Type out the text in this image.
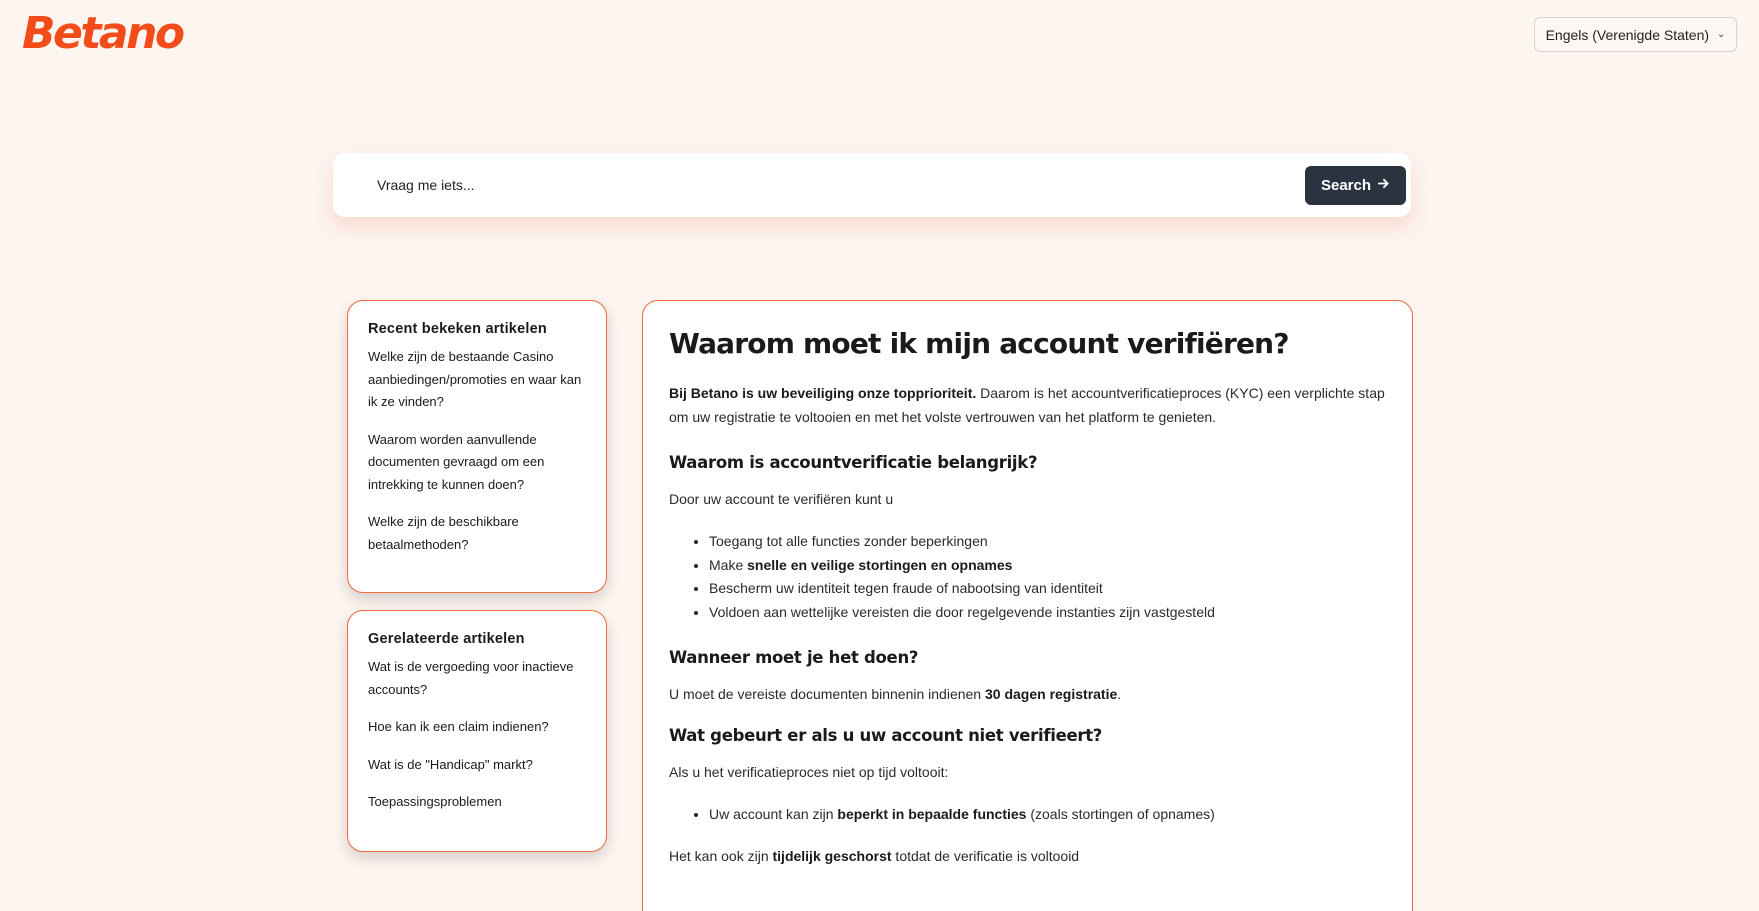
Betano	Engels (Verenigde Staten) ⌄
Vraag me iets...
Search
Recent bekeken artikelen
Welke zijn de bestaande Casino aanbiedingen/promoties en waar kan ik ze vinden?
Waarom worden aanvullende documenten gevraagd om een intrekking te kunnen doen?
Welke zijn de beschikbare betaalmethoden?
Gerelateerde artikelen
Wat is de vergoeding voor inactieve accounts?
Hoe kan ik een claim indienen?
Wat is de "Handicap" markt?
Toepassingsproblemen
Waarom moet ik mijn account verifiëren?

Bij Betano is uw beveiliging onze topprioriteit. Daarom is het accountverificatieproces (KYC) een verplichte stap om uw registratie te voltooien en met het volste vertrouwen van het platform te genieten.

Waarom is accountverificatie belangrijk?

Door uw account te verifiëren kunt u

• Toegang tot alle functies zonder beperkingen
• Make snelle en veilige stortingen en opnames
• Bescherm uw identiteit tegen fraude of nabootsing van identiteit
• Voldoen aan wettelijke vereisten die door regelgevende instanties zijn vastgesteld
Wanneer moet je het doen?

U moet de vereiste documenten binnenin indienen 30 dagen registratie.

Wat gebeurt er als u uw account niet verifieert?

Als u het verificatieproces niet op tijd voltooit:

• Uw account kan zijn beperkt in bepaalde functies (zoals stortingen of opnames)

Het kan ook zijn tijdelijk geschorst totdat de verificatie is voltooid
